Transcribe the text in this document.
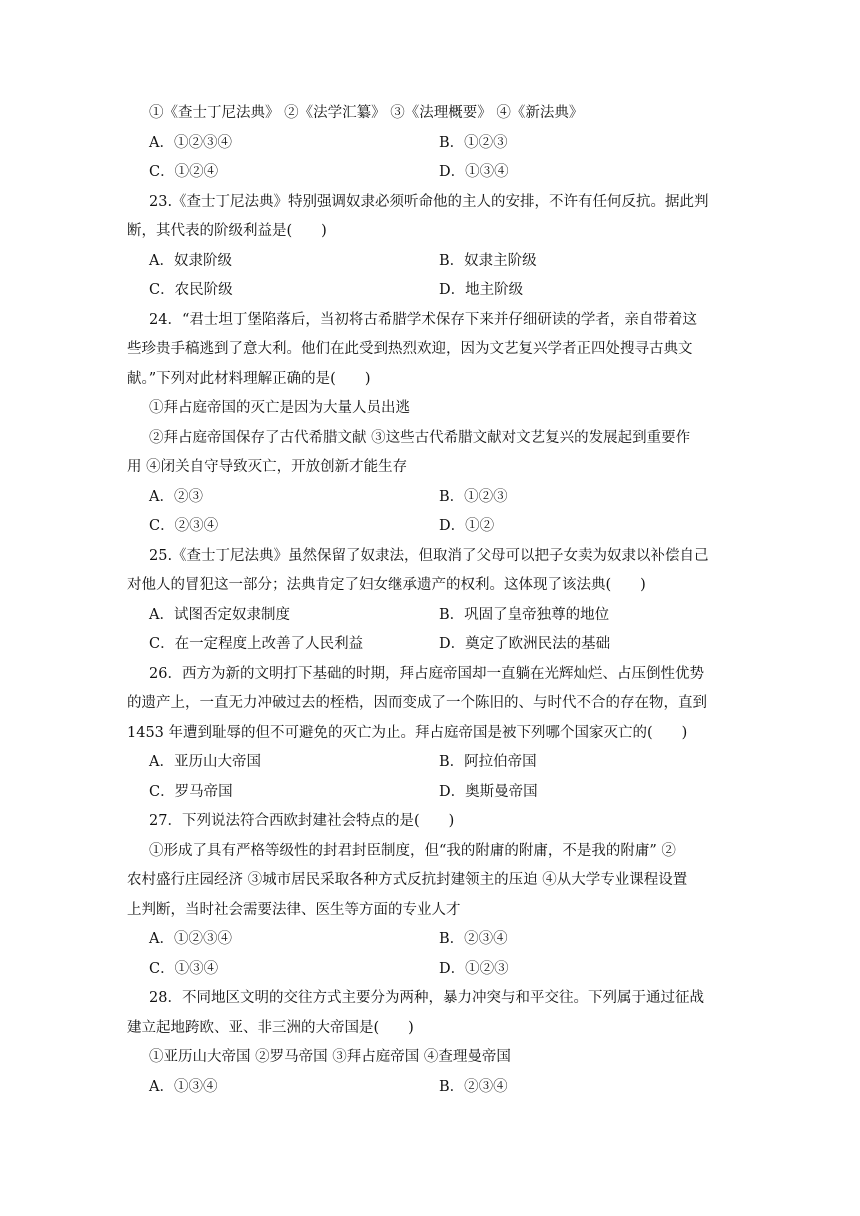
①《查士丁尼法典》 ②《法学汇纂》 ③《法理概要》 ④《新法典》
A．①②③④	B．①②③
C．①②④	D．①③④
23.《查士丁尼法典》特别强调奴隶必须听命他的主人的安排，不许有任何反抗。据此判
断，其代表的阶级利益是(　　)
A．奴隶阶级	B．奴隶主阶级
C．农民阶级	D．地主阶级
24．“君士坦丁堡陷落后，当初将古希腊学术保存下来并仔细研读的学者，亲自带着这
些珍贵手稿逃到了意大利。他们在此受到热烈欢迎，因为文艺复兴学者正四处搜寻古典文
献。”下列对此材料理解正确的是(　　)
①拜占庭帝国的灭亡是因为大量人员出逃
②拜占庭帝国保存了古代希腊文献 ③这些古代希腊文献对文艺复兴的发展起到重要作
用 ④闭关自守导致灭亡，开放创新才能生存
A．②③	B．①②③
C．②③④	D．①②
25.《查士丁尼法典》虽然保留了奴隶法，但取消了父母可以把子女卖为奴隶以补偿自己
对他人的冒犯这一部分；法典肯定了妇女继承遗产的权利。这体现了该法典(　　)
A．试图否定奴隶制度	B．巩固了皇帝独尊的地位
C．在一定程度上改善了人民利益	D．奠定了欧洲民法的基础
26．西方为新的文明打下基础的时期，拜占庭帝国却一直躺在光辉灿烂、占压倒性优势
的遗产上，一直无力冲破过去的桎梏，因而变成了一个陈旧的、与时代不合的存在物，直到
1453 年遭到耻辱的但不可避免的灭亡为止。拜占庭帝国是被下列哪个国家灭亡的(　　)
A．亚历山大帝国	B．阿拉伯帝国
C．罗马帝国	D．奥斯曼帝国
27．下列说法符合西欧封建社会特点的是(　　)
①形成了具有严格等级性的封君封臣制度，但“我的附庸的附庸，不是我的附庸” ②
农村盛行庄园经济 ③城市居民采取各种方式反抗封建领主的压迫 ④从大学专业课程设置
上判断，当时社会需要法律、医生等方面的专业人才
A．①②③④	B．②③④
C．①③④	D．①②③
28．不同地区文明的交往方式主要分为两种，暴力冲突与和平交往。下列属于通过征战
建立起地跨欧、亚、非三洲的大帝国是(　　)
①亚历山大帝国 ②罗马帝国 ③拜占庭帝国 ④查理曼帝国
A．①③④	B．②③④
